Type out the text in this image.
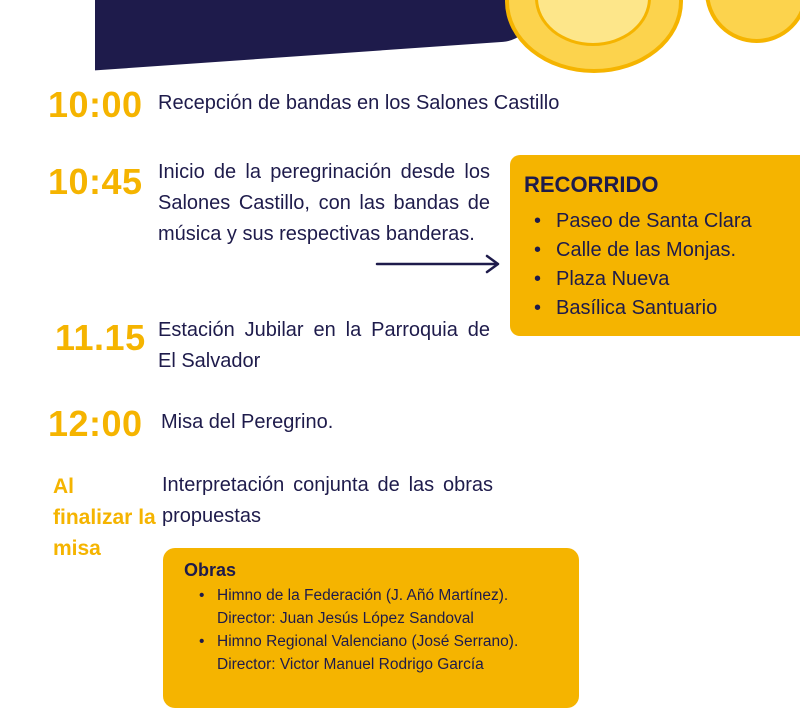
10:00 Recepción de bandas en los Salones Castillo
10:45 Inicio de la peregrinación desde los Salones Castillo, con las bandas de música y sus respectivas banderas.
RECORRIDO
• Paseo de Santa Clara
• Calle de las Monjas.
• Plaza Nueva
• Basílica Santuario
11.15 Estación Jubilar en la Parroquia de El Salvador
12:00 Misa del Peregrino.
Al finalizar la misa
Interpretación conjunta de las obras propuestas
Obras
• Himno de la Federación (J. Añó Martínez).
Director: Juan Jesús López Sandoval
• Himno Regional Valenciano (José Serrano).
Director: Victor Manuel Rodrigo García
